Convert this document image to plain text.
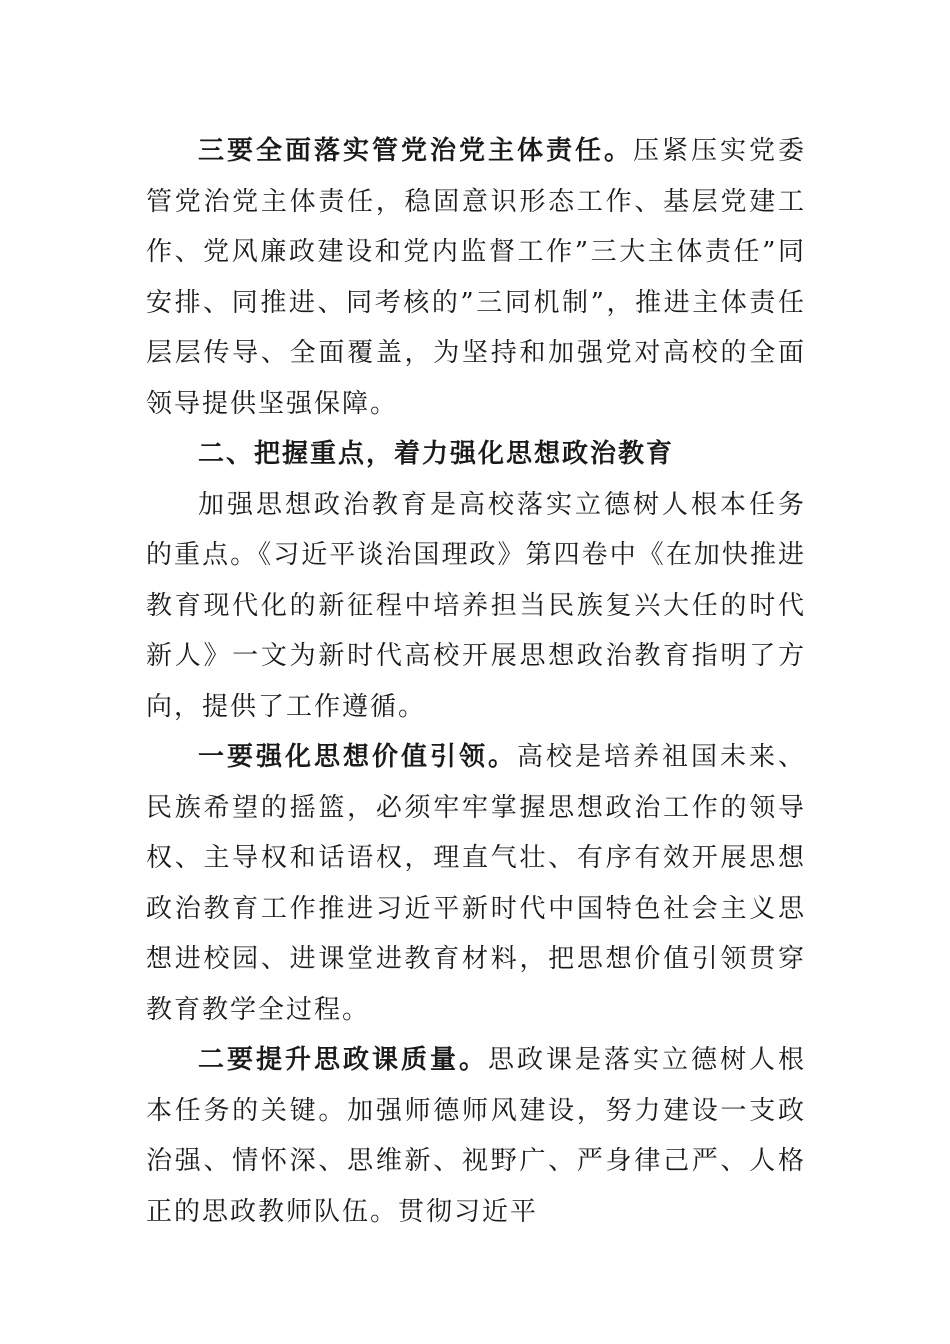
三要全面落实管党治党主体责任。压紧压实党委管党治党主体责任，稳固意识形态工作、基层党建工作、党风廉政建设和党内监督工作”三大主体责任”同安排、同推进、同考核的”三同机制”，推进主体责任层层传导、全面覆盖，为坚持和加强党对高校的全面领导提供坚强保障。

二、把握重点，着力强化思想政治教育

加强思想政治教育是高校落实立德树人根本任务的重点。《习近平谈治国理政》第四卷中《在加快推进教育现代化的新征程中培养担当民族复兴大任的时代新人》一文为新时代高校开展思想政治教育指明了方向，提供了工作遵循。

一要强化思想价值引领。高校是培养祖国未来、民族希望的摇篮，必须牢牢掌握思想政治工作的领导权、主导权和话语权，理直气壮、有序有效开展思想政治教育工作推进习近平新时代中国特色社会主义思想进校园、进课堂进教育材料，把思想价值引领贯穿教育教学全过程。

二要提升思政课质量。思政课是落实立德树人根本任务的关键。加强师德师风建设，努力建设一支政治强、情怀深、思维新、视野广、严身律己严、人格正的思政教师队伍。贯彻习近平
